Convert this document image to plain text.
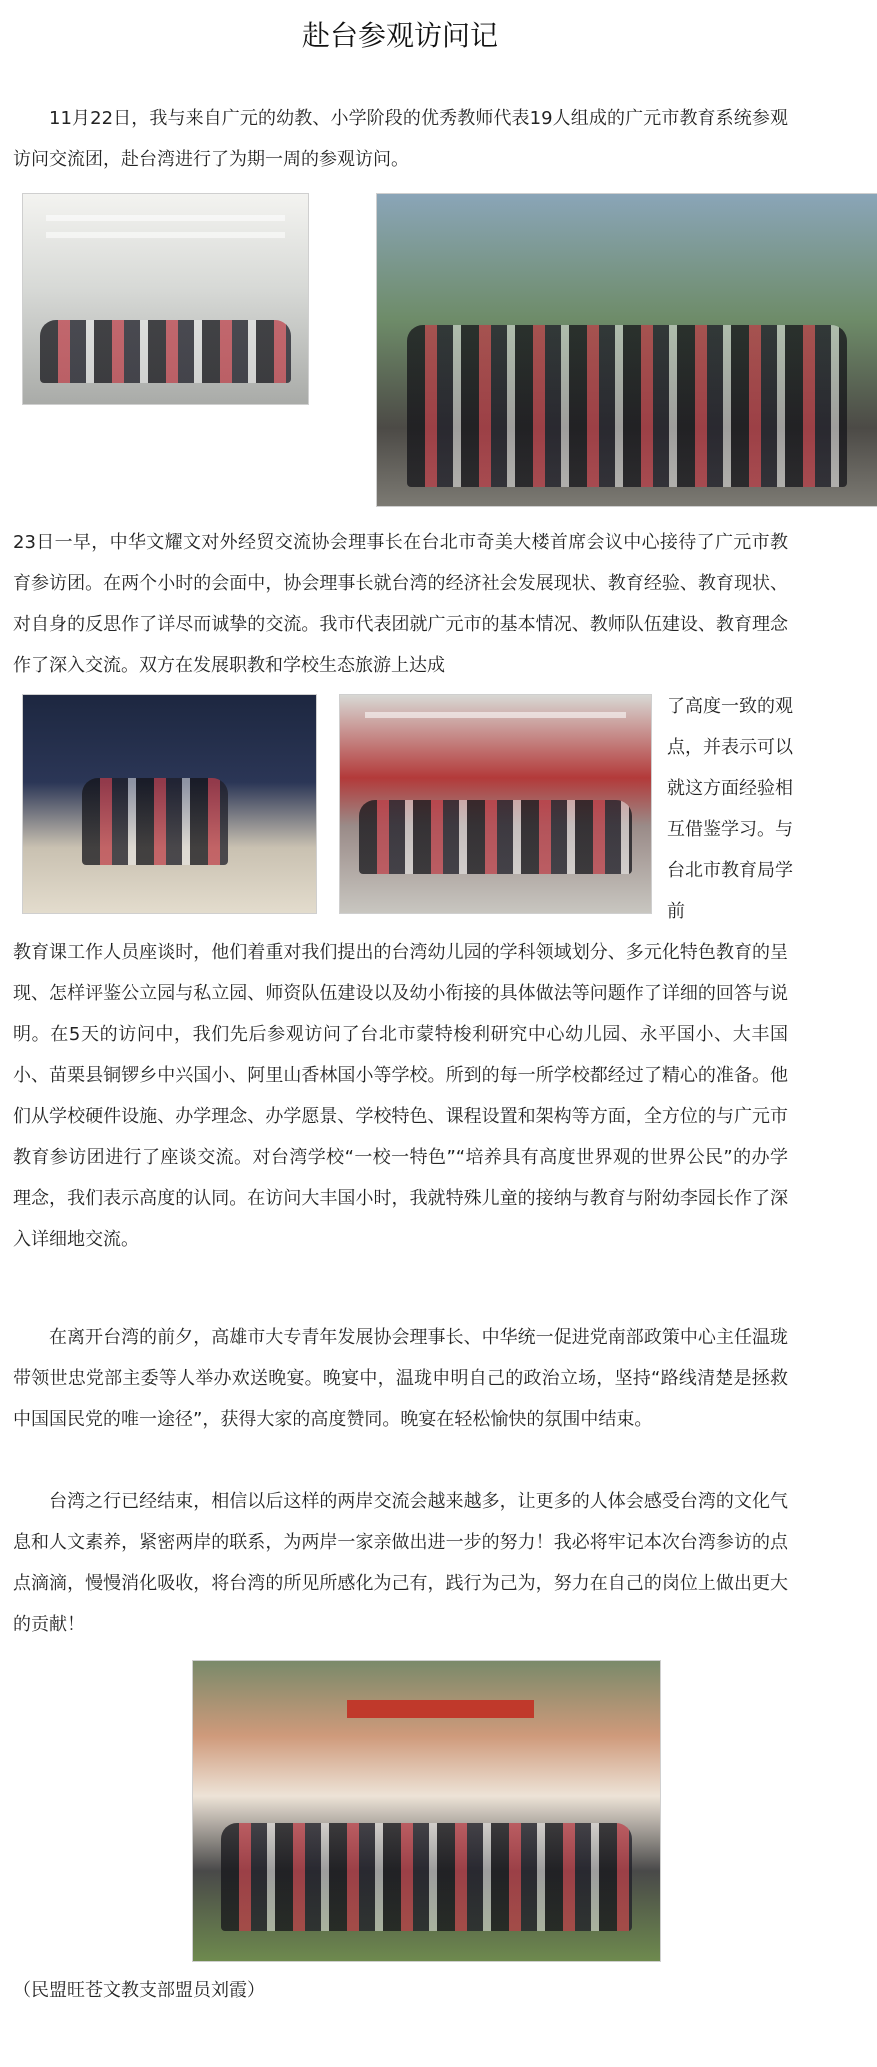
赴台参观访问记

11月22日，我与来自广元的幼教、小学阶段的优秀教师代表19人组成的广元市教育系统参观访问交流团，赴台湾进行了为期一周的参观访问。

23日一早，中华文耀文对外经贸交流协会理事长在台北市奇美大楼首席会议中心接待了广元市教育参访团。在两个小时的会面中，协会理事长就台湾的经济社会发展现状、教育经验、教育现状、对自身的反思作了详尽而诚挚的交流。我市代表团就广元市的基本情况、教师队伍建设、教育理念作了深入交流。双方在发展职教和学校生态旅游上达成

了高度一致的观点，并表示可以就这方面经验相互借鉴学习。与台北市教育局学前

教育课工作人员座谈时，他们着重对我们提出的台湾幼儿园的学科领域划分、多元化特色教育的呈现、怎样评鉴公立园与私立园、师资队伍建设以及幼小衔接的具体做法等问题作了详细的回答与说明。在5天的访问中，我们先后参观访问了台北市蒙特梭利研究中心幼儿园、永平国小、大丰国小、苗栗县铜锣乡中兴国小、阿里山香林国小等学校。所到的每一所学校都经过了精心的准备。他们从学校硬件设施、办学理念、办学愿景、学校特色、课程设置和架构等方面，全方位的与广元市教育参访团进行了座谈交流。对台湾学校“一校一特色”“培养具有高度世界观的世界公民”的办学理念，我们表示高度的认同。在访问大丰国小时，我就特殊儿童的接纳与教育与附幼李园长作了深入详细地交流。

在离开台湾的前夕，高雄市大专青年发展协会理事长、中华统一促进党南部政策中心主任温珑带领世忠党部主委等人举办欢送晚宴。晚宴中，温珑申明自己的政治立场，坚持“路线清楚是拯救中国国民党的唯一途径”，获得大家的高度赞同。晚宴在轻松愉快的氛围中结束。

台湾之行已经结束，相信以后这样的两岸交流会越来越多，让更多的人体会感受台湾的文化气息和人文素养，紧密两岸的联系，为两岸一家亲做出进一步的努力！我必将牢记本次台湾参访的点点滴滴，慢慢消化吸收，将台湾的所见所感化为己有，践行为己为，努力在自己的岗位上做出更大的贡献！

（民盟旺苍文教支部盟员刘霞）
